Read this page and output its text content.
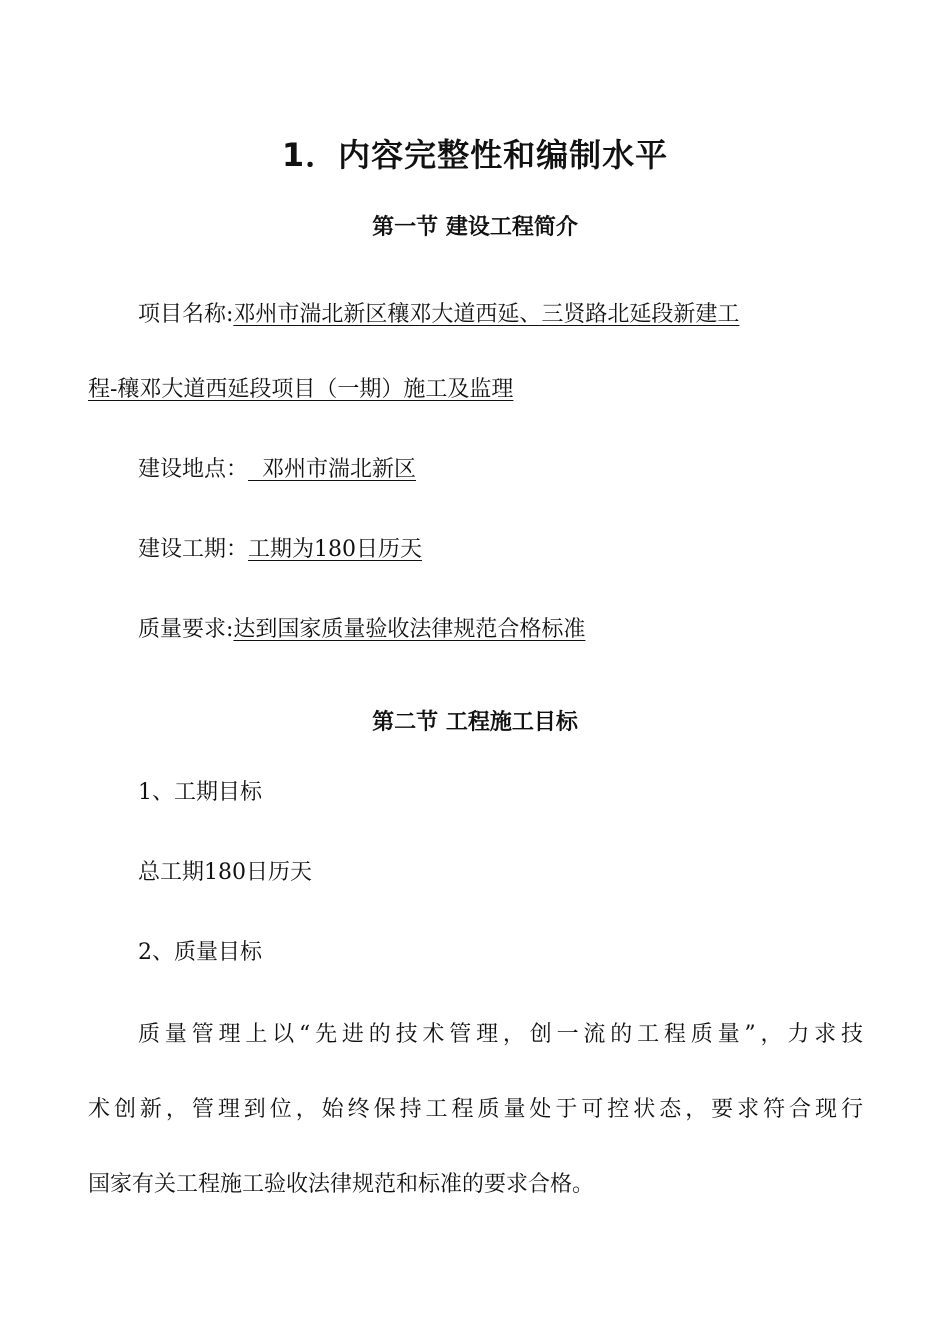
1．内容完整性和编制水平
第一节 建设工程简介
项目名称:邓州市湍北新区穰邓大道西延、三贤路北延段新建工
程-穰邓大道西延段项目（一期）施工及监理
建设地点：  邓州市湍北新区
建设工期：工期为180日历天
质量要求:达到国家质量验收法律规范合格标准
第二节 工程施工目标
1、工期目标
总工期180日历天
2、质量目标
质量管理上以“先进的技术管理，创一流的工程质量”，力求技
术创新，管理到位，始终保持工程质量处于可控状态，要求符合现行
国家有关工程施工验收法律规范和标准的要求合格。
